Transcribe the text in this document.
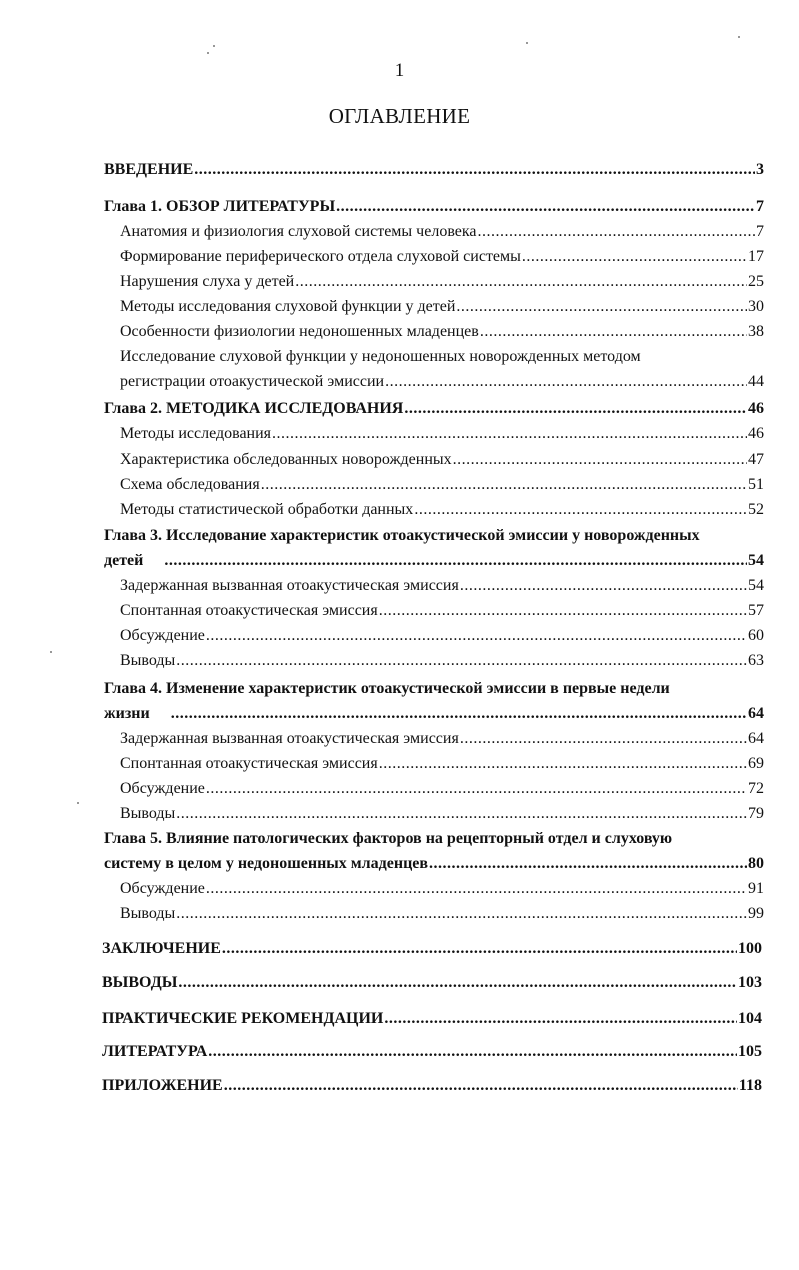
1
ОГЛАВЛЕНИЕ
ВВЕДЕНИЕ .....	3
Глава 1. ОБЗОР ЛИТЕРАТУРЫ .....	7
Анатомия и физиология слуховой системы человека .....	7
Формирование периферического отдела слуховой системы .....	17
Нарушения слуха у детей .....	25
Методы исследования слуховой функции у детей .....	30
Особенности физиологии недоношенных младенцев .....	38
Исследование слуховой функции у недоношенных новорожденных методом
регистрации отоакустической эмиссии .....	44
Глава 2. МЕТОДИКА ИССЛЕДОВАНИЯ .....	46
Методы исследования .....	46
Характеристика обследованных новорожденных .....	47
Схема обследования .....	51
Методы статистической обработки данных .....	52
Глава 3. Исследование характеристик отоакустической эмиссии у новорожденных
детей .....	54
Задержанная вызванная отоакустическая эмиссия .....	54
Спонтанная отоакустическая эмиссия .....	57
Обсуждение .....	60
Выводы .....	63
Глава 4. Изменение характеристик отоакустической эмиссии в первые недели
жизни .....	64
Задержанная вызванная отоакустическая эмиссия .....	64
Спонтанная отоакустическая эмиссия .....	69
Обсуждение .....	72
Выводы .....	79
Глава 5. Влияние патологических факторов на рецепторный отдел и слуховую
систему в целом у недоношенных младенцев .....	80
Обсуждение .....	91
Выводы .....	99
ЗАКЛЮЧЕНИЕ .....	100
ВЫВОДЫ .....	103
ПРАКТИЧЕСКИЕ РЕКОМЕНДАЦИИ .....	104
ЛИТЕРАТУРА .....	105
ПРИЛОЖЕНИЕ .....	118
